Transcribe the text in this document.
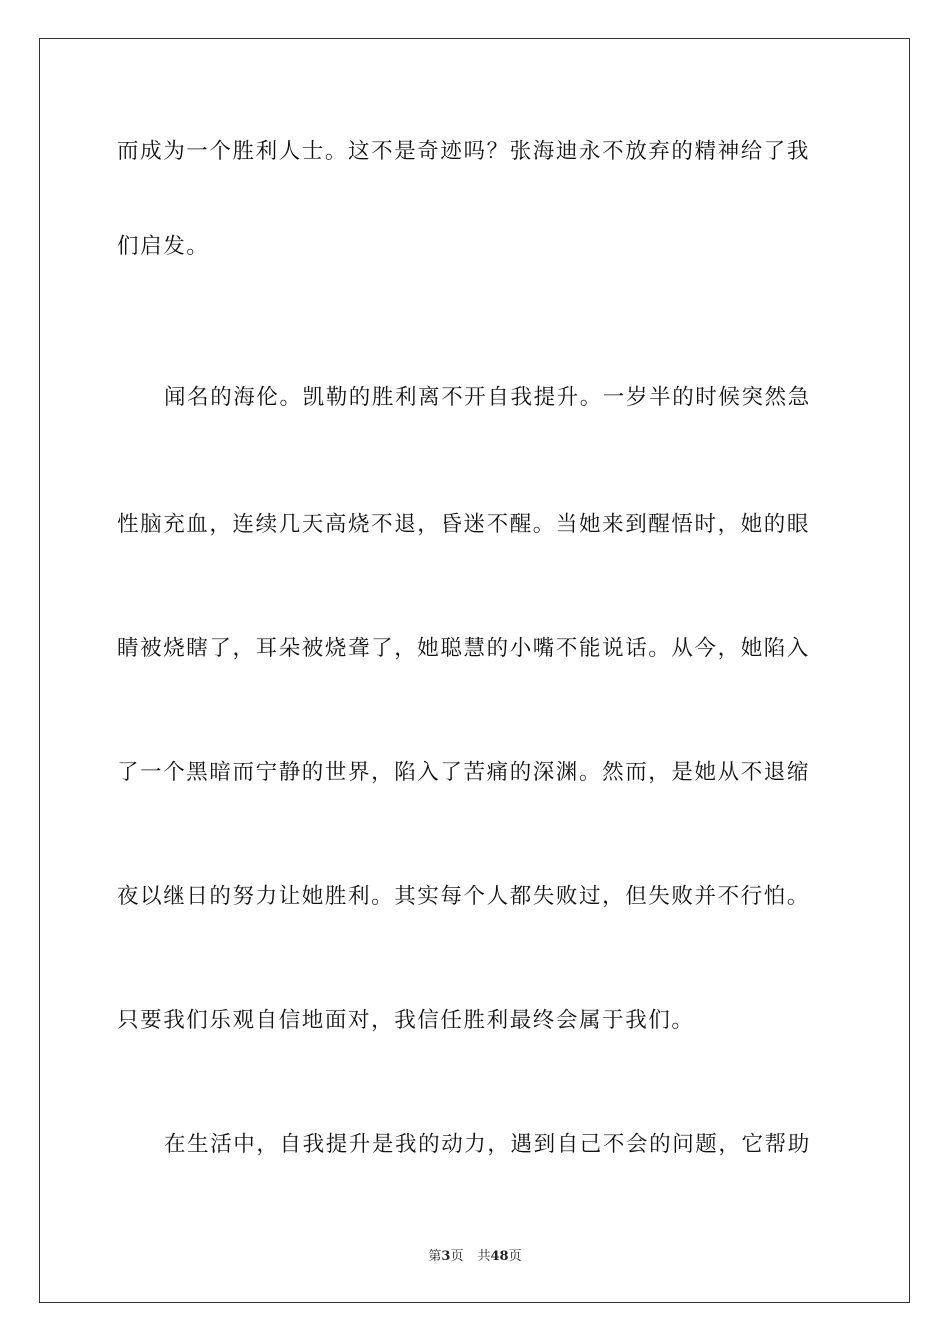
而成为一个胜利人士。这不是奇迹吗？张海迪永不放弃的精神给了我
们启发。
闻名的海伦。凯勒的胜利离不开自我提升。一岁半的时候突然急
性脑充血，连续几天高烧不退，昏迷不醒。当她来到醒悟时，她的眼
睛被烧瞎了，耳朵被烧聋了，她聪慧的小嘴不能说话。从今，她陷入
了一个黑暗而宁静的世界，陷入了苦痛的深渊。然而，是她从不退缩
夜以继日的努力让她胜利。其实每个人都失败过，但失败并不行怕。
只要我们乐观自信地面对，我信任胜利最终会属于我们。
在生活中，自我提升是我的动力，遇到自己不会的问题，它帮助
第3页 共48页
